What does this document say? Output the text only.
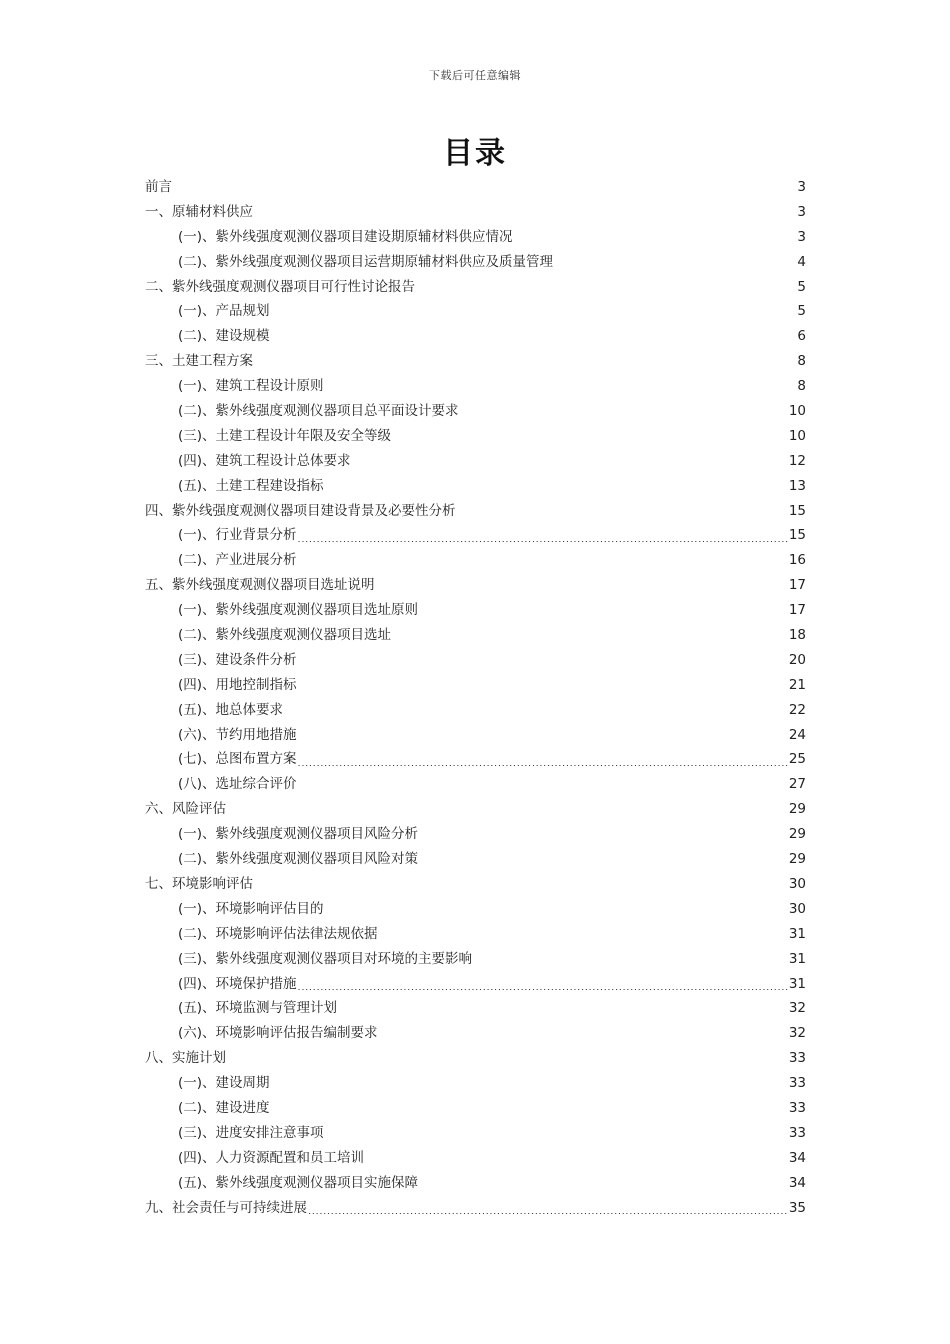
下载后可任意编辑
目录
前言 .....	3
一、原辅材料供应 .....	3
(一)、紫外线强度观测仪器项目建设期原辅材料供应情况 .....	3
(二)、紫外线强度观测仪器项目运营期原辅材料供应及质量管理 .....	4
二、紫外线强度观测仪器项目可行性讨论报告 .....	5
(一)、产品规划 .....	5
(二)、建设规模 .....	6
三、土建工程方案 .....	8
(一)、建筑工程设计原则 .....	8
(二)、紫外线强度观测仪器项目总平面设计要求 .....	10
(三)、土建工程设计年限及安全等级 .....	10
(四)、建筑工程设计总体要求 .....	12
(五)、土建工程建设指标 .....	13
四、紫外线强度观测仪器项目建设背景及必要性分析 .....	15
(一)、行业背景分析 .....	15
(二)、产业进展分析 .....	16
五、紫外线强度观测仪器项目选址说明 .....	17
(一)、紫外线强度观测仪器项目选址原则 .....	17
(二)、紫外线强度观测仪器项目选址 .....	18
(三)、建设条件分析 .....	20
(四)、用地控制指标 .....	21
(五)、地总体要求 .....	22
(六)、节约用地措施 .....	24
(七)、总图布置方案 .....	25
(八)、选址综合评价 .....	27
六、风险评估 .....	29
(一)、紫外线强度观测仪器项目风险分析 .....	29
(二)、紫外线强度观测仪器项目风险对策 .....	29
七、环境影响评估 .....	30
(一)、环境影响评估目的 .....	30
(二)、环境影响评估法律法规依据 .....	31
(三)、紫外线强度观测仪器项目对环境的主要影响 .....	31
(四)、环境保护措施 .....	31
(五)、环境监测与管理计划 .....	32
(六)、环境影响评估报告编制要求 .....	32
八、实施计划 .....	33
(一)、建设周期 .....	33
(二)、建设进度 .....	33
(三)、进度安排注意事项 .....	33
(四)、人力资源配置和员工培训 .....	34
(五)、紫外线强度观测仪器项目实施保障 .....	34
九、社会责任与可持续进展 .....	35
